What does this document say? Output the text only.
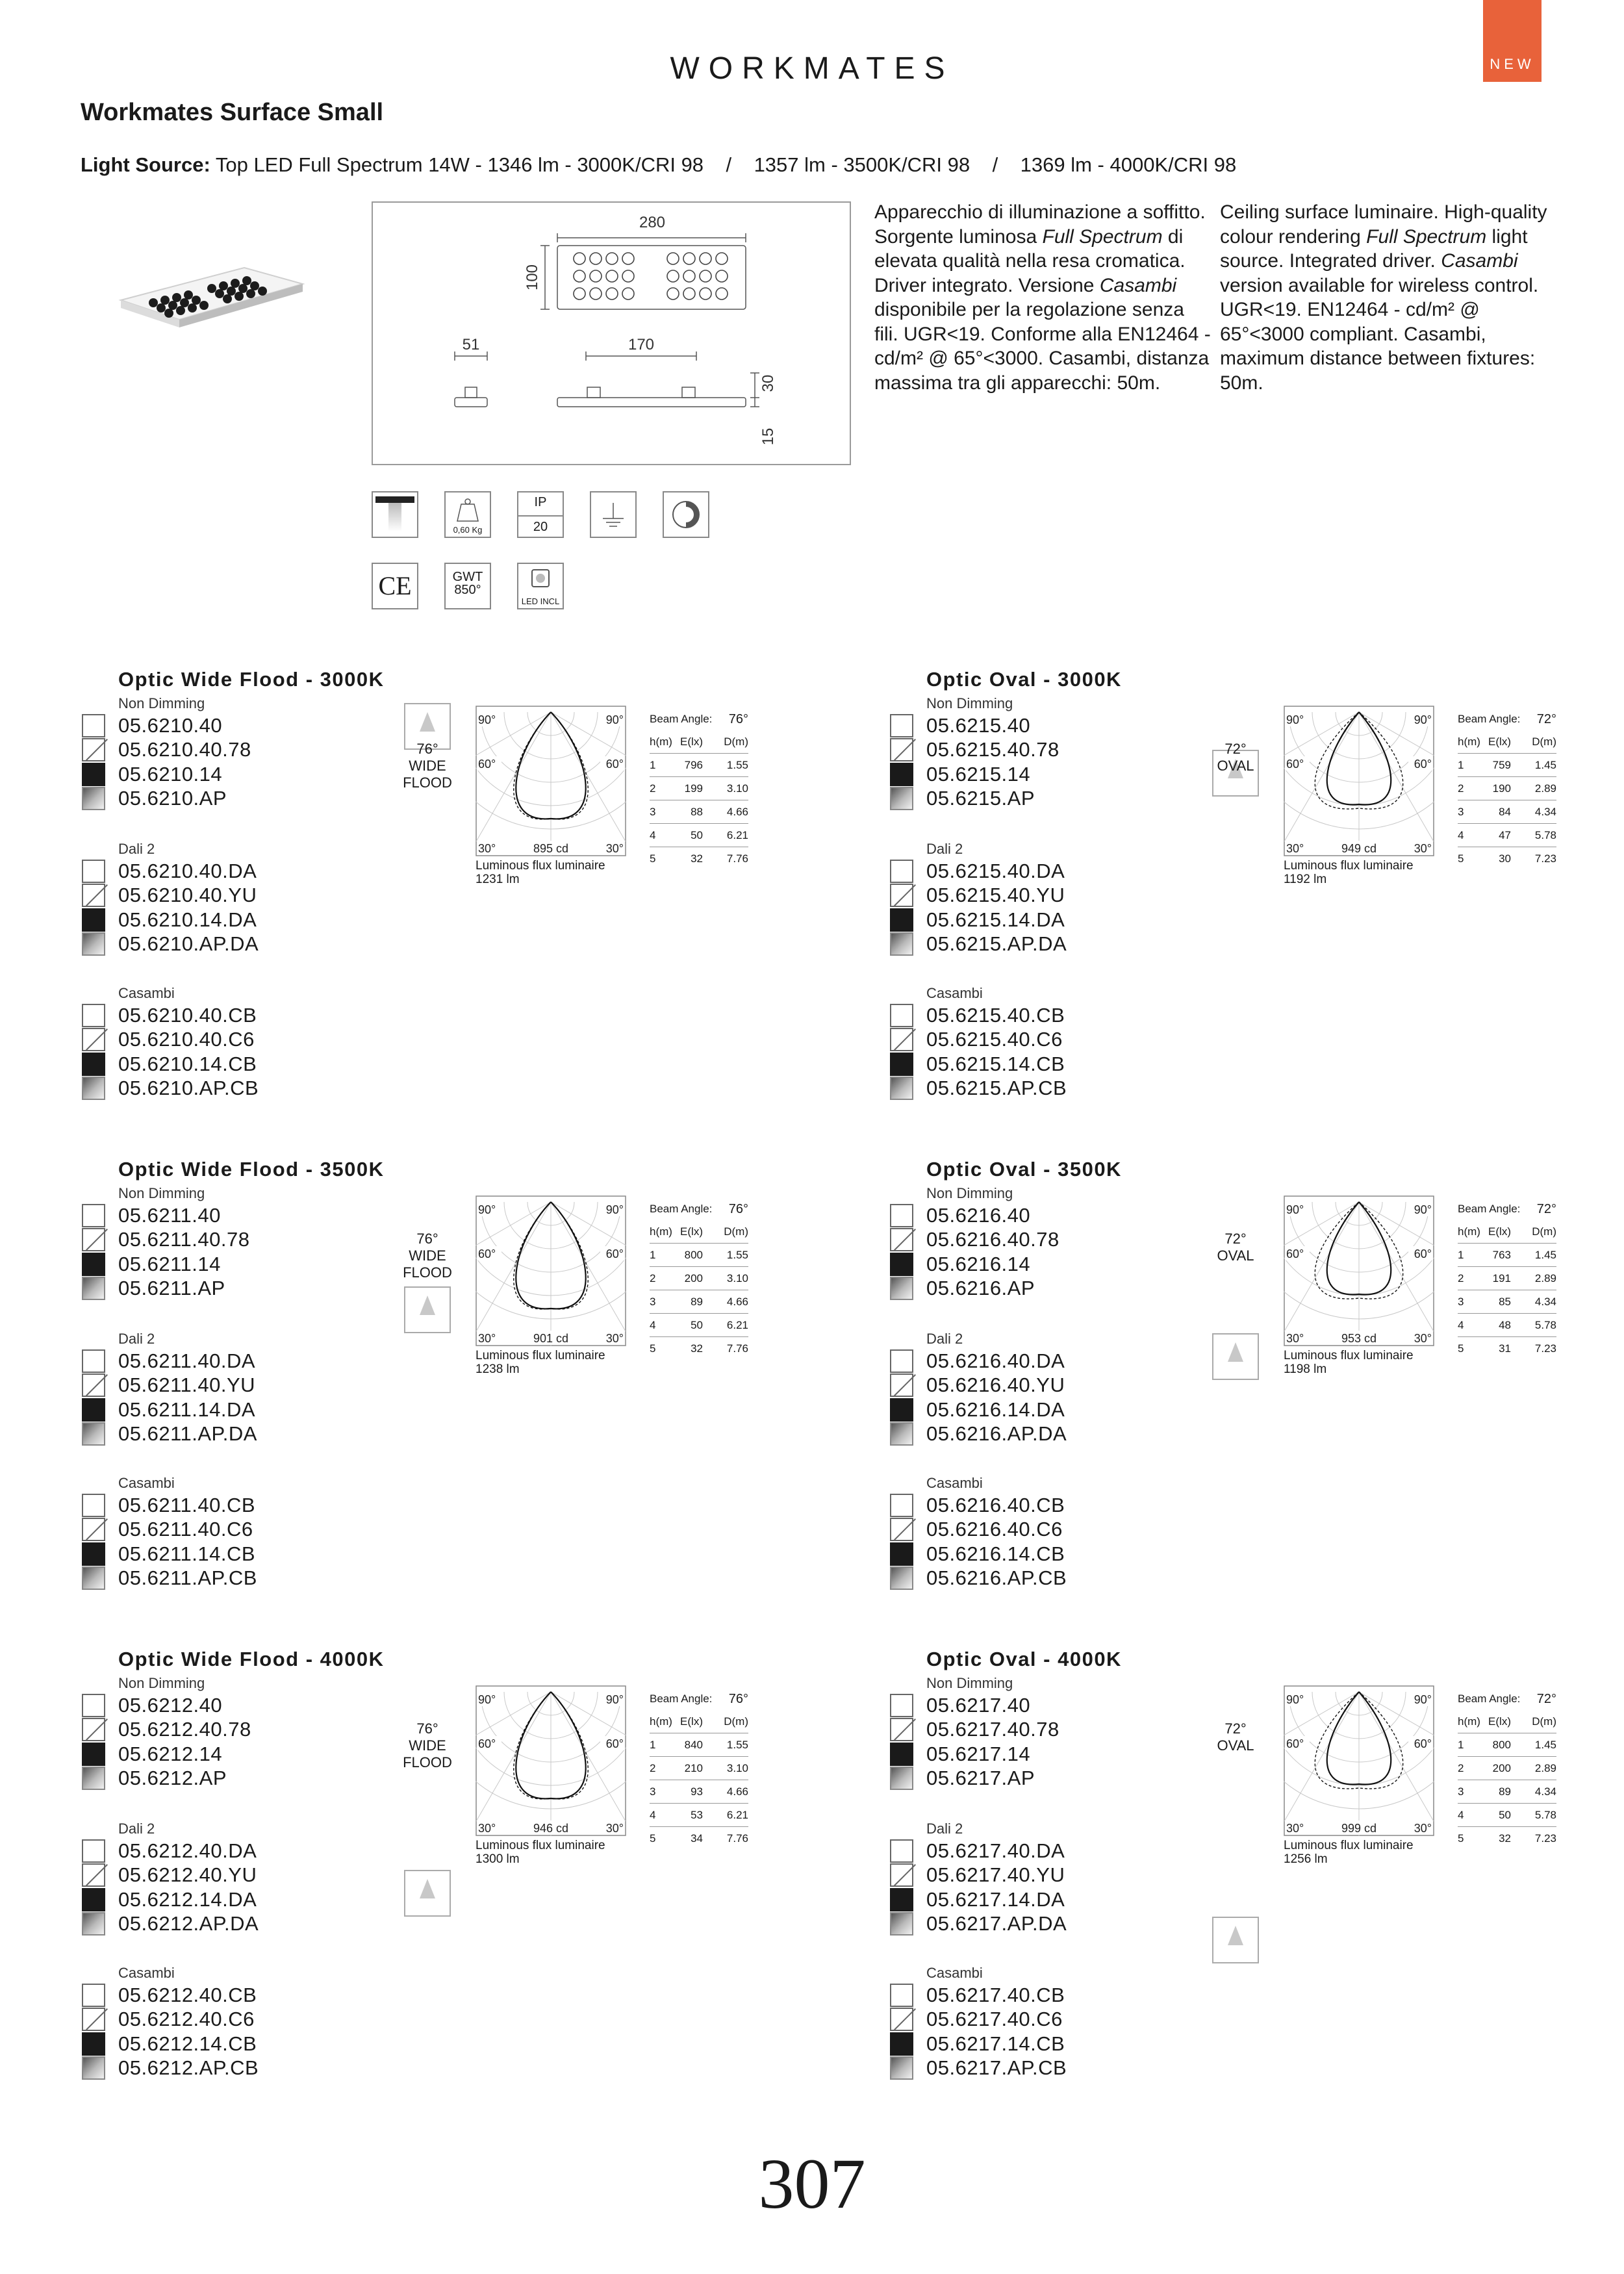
WORKMATES	NEW
Workmates Surface Small
Light Source: Top LED Full Spectrum 14W - 1346 lm - 3000K/CRI 98    /    1357 lm - 3500K/CRI 98    /    1369 lm - 4000K/CRI 98
280
100
51	170
30
15
Apparecchio di illuminazione a soffitto. Sorgente luminosa Full Spectrum di elevata qualità nella resa cromatica. Driver integrato. Versione Casambi disponibile per la regolazione senza fili. UGR<19. Conforme alla EN12464 - cd/m² @ 65°<3000. Casambi, distanza massima tra gli apparecchi: 50m.
Ceiling surface luminaire. High-quality colour rendering Full Spectrum light source. Integrated driver. Casambi version available for wireless control. UGR<19. EN12464 - cd/m² @ 65°<3000 compliant. Casambi, maximum distance between fixtures: 50m.
0,60 Kg
IP
20
CE	GWT
850°
LED INCL
Optic Wide Flood - 3000K
Non Dimming
05.6210.40
05.6210.40.78
05.6210.14
05.6210.AP
Dali 2
05.6210.40.DA
05.6210.40.YU
05.6210.14.DA
05.6210.AP.DA
Casambi
05.6210.40.CB
05.6210.40.C6
05.6210.14.CB
05.6210.AP.CB
76°
WIDE
FLOOD
90°	90°
60°	60°
30°	30°
895 cd
Luminous flux luminaire
1231 lm
Beam Angle: 76°
h(m) E(lx)	D(m)
1	796	1.55
2	199	3.10
3	88	4.66
4	50	6.21
5	32	7.76
Optic Oval - 3000K
Non Dimming
05.6215.40
05.6215.40.78
05.6215.14
05.6215.AP
Dali 2
05.6215.40.DA
05.6215.40.YU
05.6215.14.DA
05.6215.AP.DA
Casambi
05.6215.40.CB
05.6215.40.C6
05.6215.14.CB
05.6215.AP.CB
72°
OVAL
90°	90°
60°	60°
30°	30°
949 cd
Luminous flux luminaire
1192 lm
Beam Angle: 72°
h(m) E(lx)	D(m)
1	759	1.45
2	190	2.89
3	84	4.34
4	47	5.78
5	30	7.23
Optic Wide Flood - 3500K
Non Dimming
05.6211.40
05.6211.40.78
05.6211.14
05.6211.AP
Dali 2
05.6211.40.DA
05.6211.40.YU
05.6211.14.DA
05.6211.AP.DA
Casambi
05.6211.40.CB
05.6211.40.C6
05.6211.14.CB
05.6211.AP.CB
76°
WIDE
FLOOD
90°	90°
60°	60°
30°	30°
901 cd
Luminous flux luminaire
1238 lm
Beam Angle: 76°
h(m) E(lx)	D(m)
1	800	1.55
2	200	3.10
3	89	4.66
4	50	6.21
5	32	7.76
Optic Oval - 3500K
Non Dimming
05.6216.40
05.6216.40.78
05.6216.14
05.6216.AP
Dali 2
05.6216.40.DA
05.6216.40.YU
05.6216.14.DA
05.6216.AP.DA
Casambi
05.6216.40.CB
05.6216.40.C6
05.6216.14.CB
05.6216.AP.CB
72°
OVAL
90°	90°
60°	60°
30°	30°
953 cd
Luminous flux luminaire
1198 lm
Beam Angle: 72°
h(m) E(lx)	D(m)
1	763	1.45
2	191	2.89
3	85	4.34
4	48	5.78
5	31	7.23
Optic Wide Flood - 4000K
Non Dimming
05.6212.40
05.6212.40.78
05.6212.14
05.6212.AP
Dali 2
05.6212.40.DA
05.6212.40.YU
05.6212.14.DA
05.6212.AP.DA
Casambi
05.6212.40.CB
05.6212.40.C6
05.6212.14.CB
05.6212.AP.CB
76°
WIDE
FLOOD
90°	90°
60°	60°
30°	30°
946 cd
Luminous flux luminaire
1300 lm
Beam Angle: 76°
h(m) E(lx)	D(m)
1	840	1.55
2	210	3.10
3	93	4.66
4	53	6.21
5	34	7.76
Optic Oval - 4000K
Non Dimming
05.6217.40
05.6217.40.78
05.6217.14
05.6217.AP
Dali 2
05.6217.40.DA
05.6217.40.YU
05.6217.14.DA
05.6217.AP.DA
Casambi
05.6217.40.CB
05.6217.40.C6
05.6217.14.CB
05.6217.AP.CB
72°
OVAL
90°	90°
60°	60°
30°	30°
999 cd
Luminous flux luminaire
1256 lm
Beam Angle: 72°
h(m) E(lx)	D(m)
1	800	1.45
2	200	2.89
3	89	4.34
4	50	5.78
5	32	7.23
307
